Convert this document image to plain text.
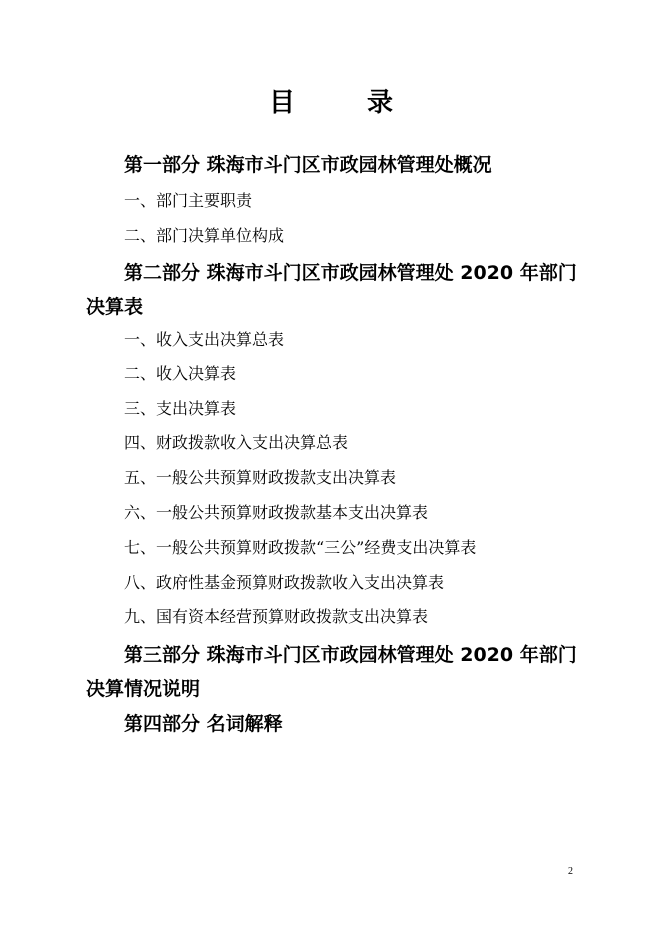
目	录
第一部分 珠海市斗门区市政园林管理处概况
一、部门主要职责
二、部门决算单位构成
第二部分 珠海市斗门区市政园林管理处 2020 年部门决算表
一、收入支出决算总表
二、收入决算表
三、支出决算表
四、财政拨款收入支出决算总表
五、一般公共预算财政拨款支出决算表
六、一般公共预算财政拨款基本支出决算表
七、一般公共预算财政拨款“三公”经费支出决算表
八、政府性基金预算财政拨款收入支出决算表
九、国有资本经营预算财政拨款支出决算表
第三部分 珠海市斗门区市政园林管理处 2020 年部门决算情况说明
第四部分 名词解释
2
